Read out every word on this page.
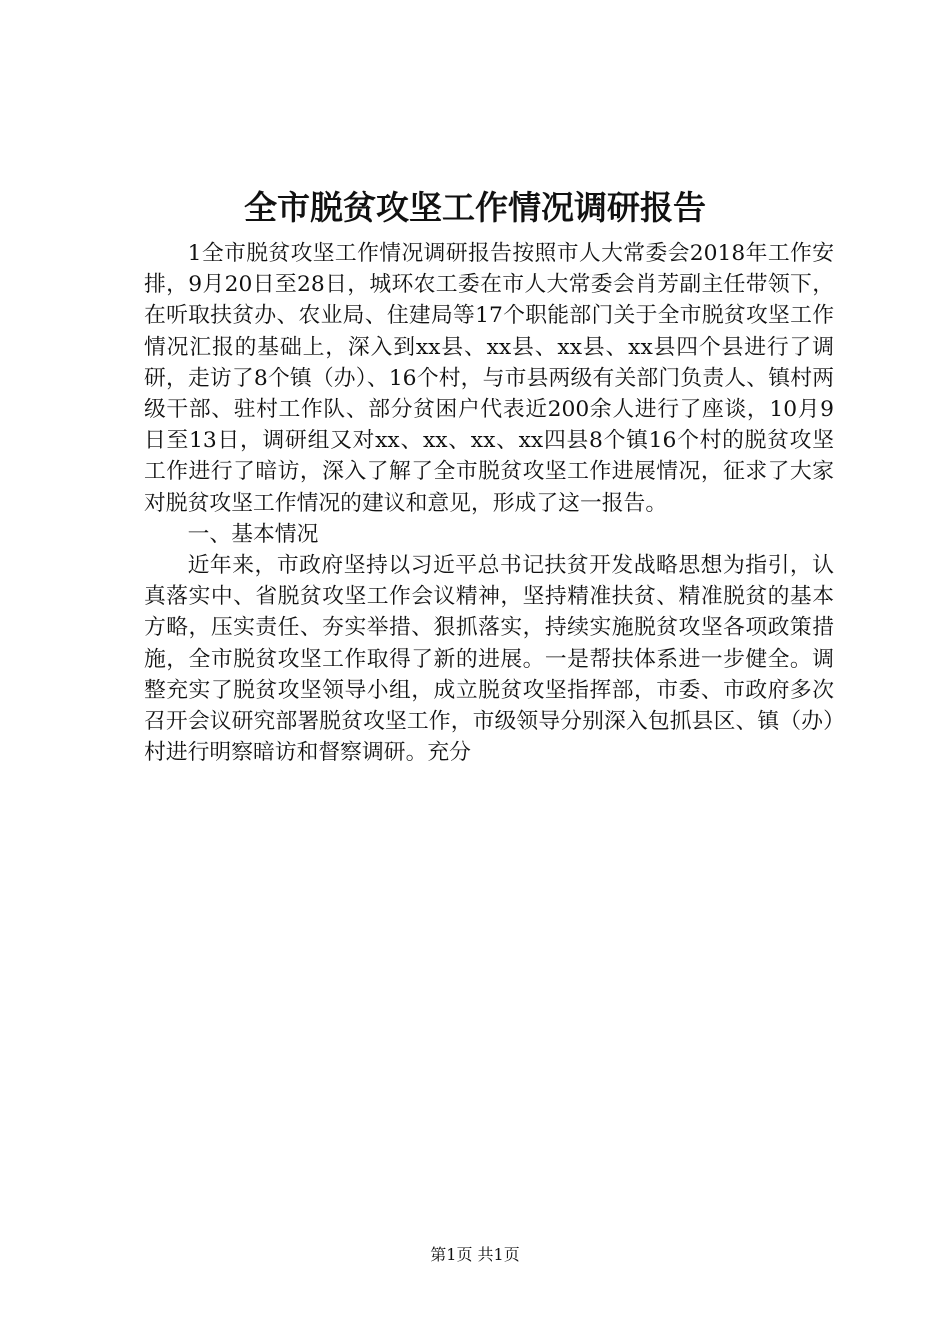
全市脱贫攻坚工作情况调研报告

1全市脱贫攻坚工作情况调研报告按照市人大常委会2018年工作安排，9月20日至28日，城环农工委在市人大常委会肖芳副主任带领下，在听取扶贫办、农业局、住建局等17个职能部门关于全市脱贫攻坚工作情况汇报的基础上，深入到xx县、xx县、xx县、xx县四个县进行了调研，走访了8个镇（办）、16个村，与市县两级有关部门负责人、镇村两级干部、驻村工作队、部分贫困户代表近200余人进行了座谈，10月9日至13日，调研组又对xx、xx、xx、xx四县8个镇16个村的脱贫攻坚工作进行了暗访，深入了解了全市脱贫攻坚工作进展情况，征求了大家对脱贫攻坚工作情况的建议和意见，形成了这一报告。

一、基本情况

近年来，市政府坚持以习近平总书记扶贫开发战略思想为指引，认真落实中、省脱贫攻坚工作会议精神，坚持精准扶贫、精准脱贫的基本方略，压实责任、夯实举措、狠抓落实，持续实施脱贫攻坚各项政策措施，全市脱贫攻坚工作取得了新的进展。一是帮扶体系进一步健全。调整充实了脱贫攻坚领导小组，成立脱贫攻坚指挥部，市委、市政府多次召开会议研究部署脱贫攻坚工作，市级领导分别深入包抓县区、镇（办）村进行明察暗访和督察调研。充分

第1页 共1页
